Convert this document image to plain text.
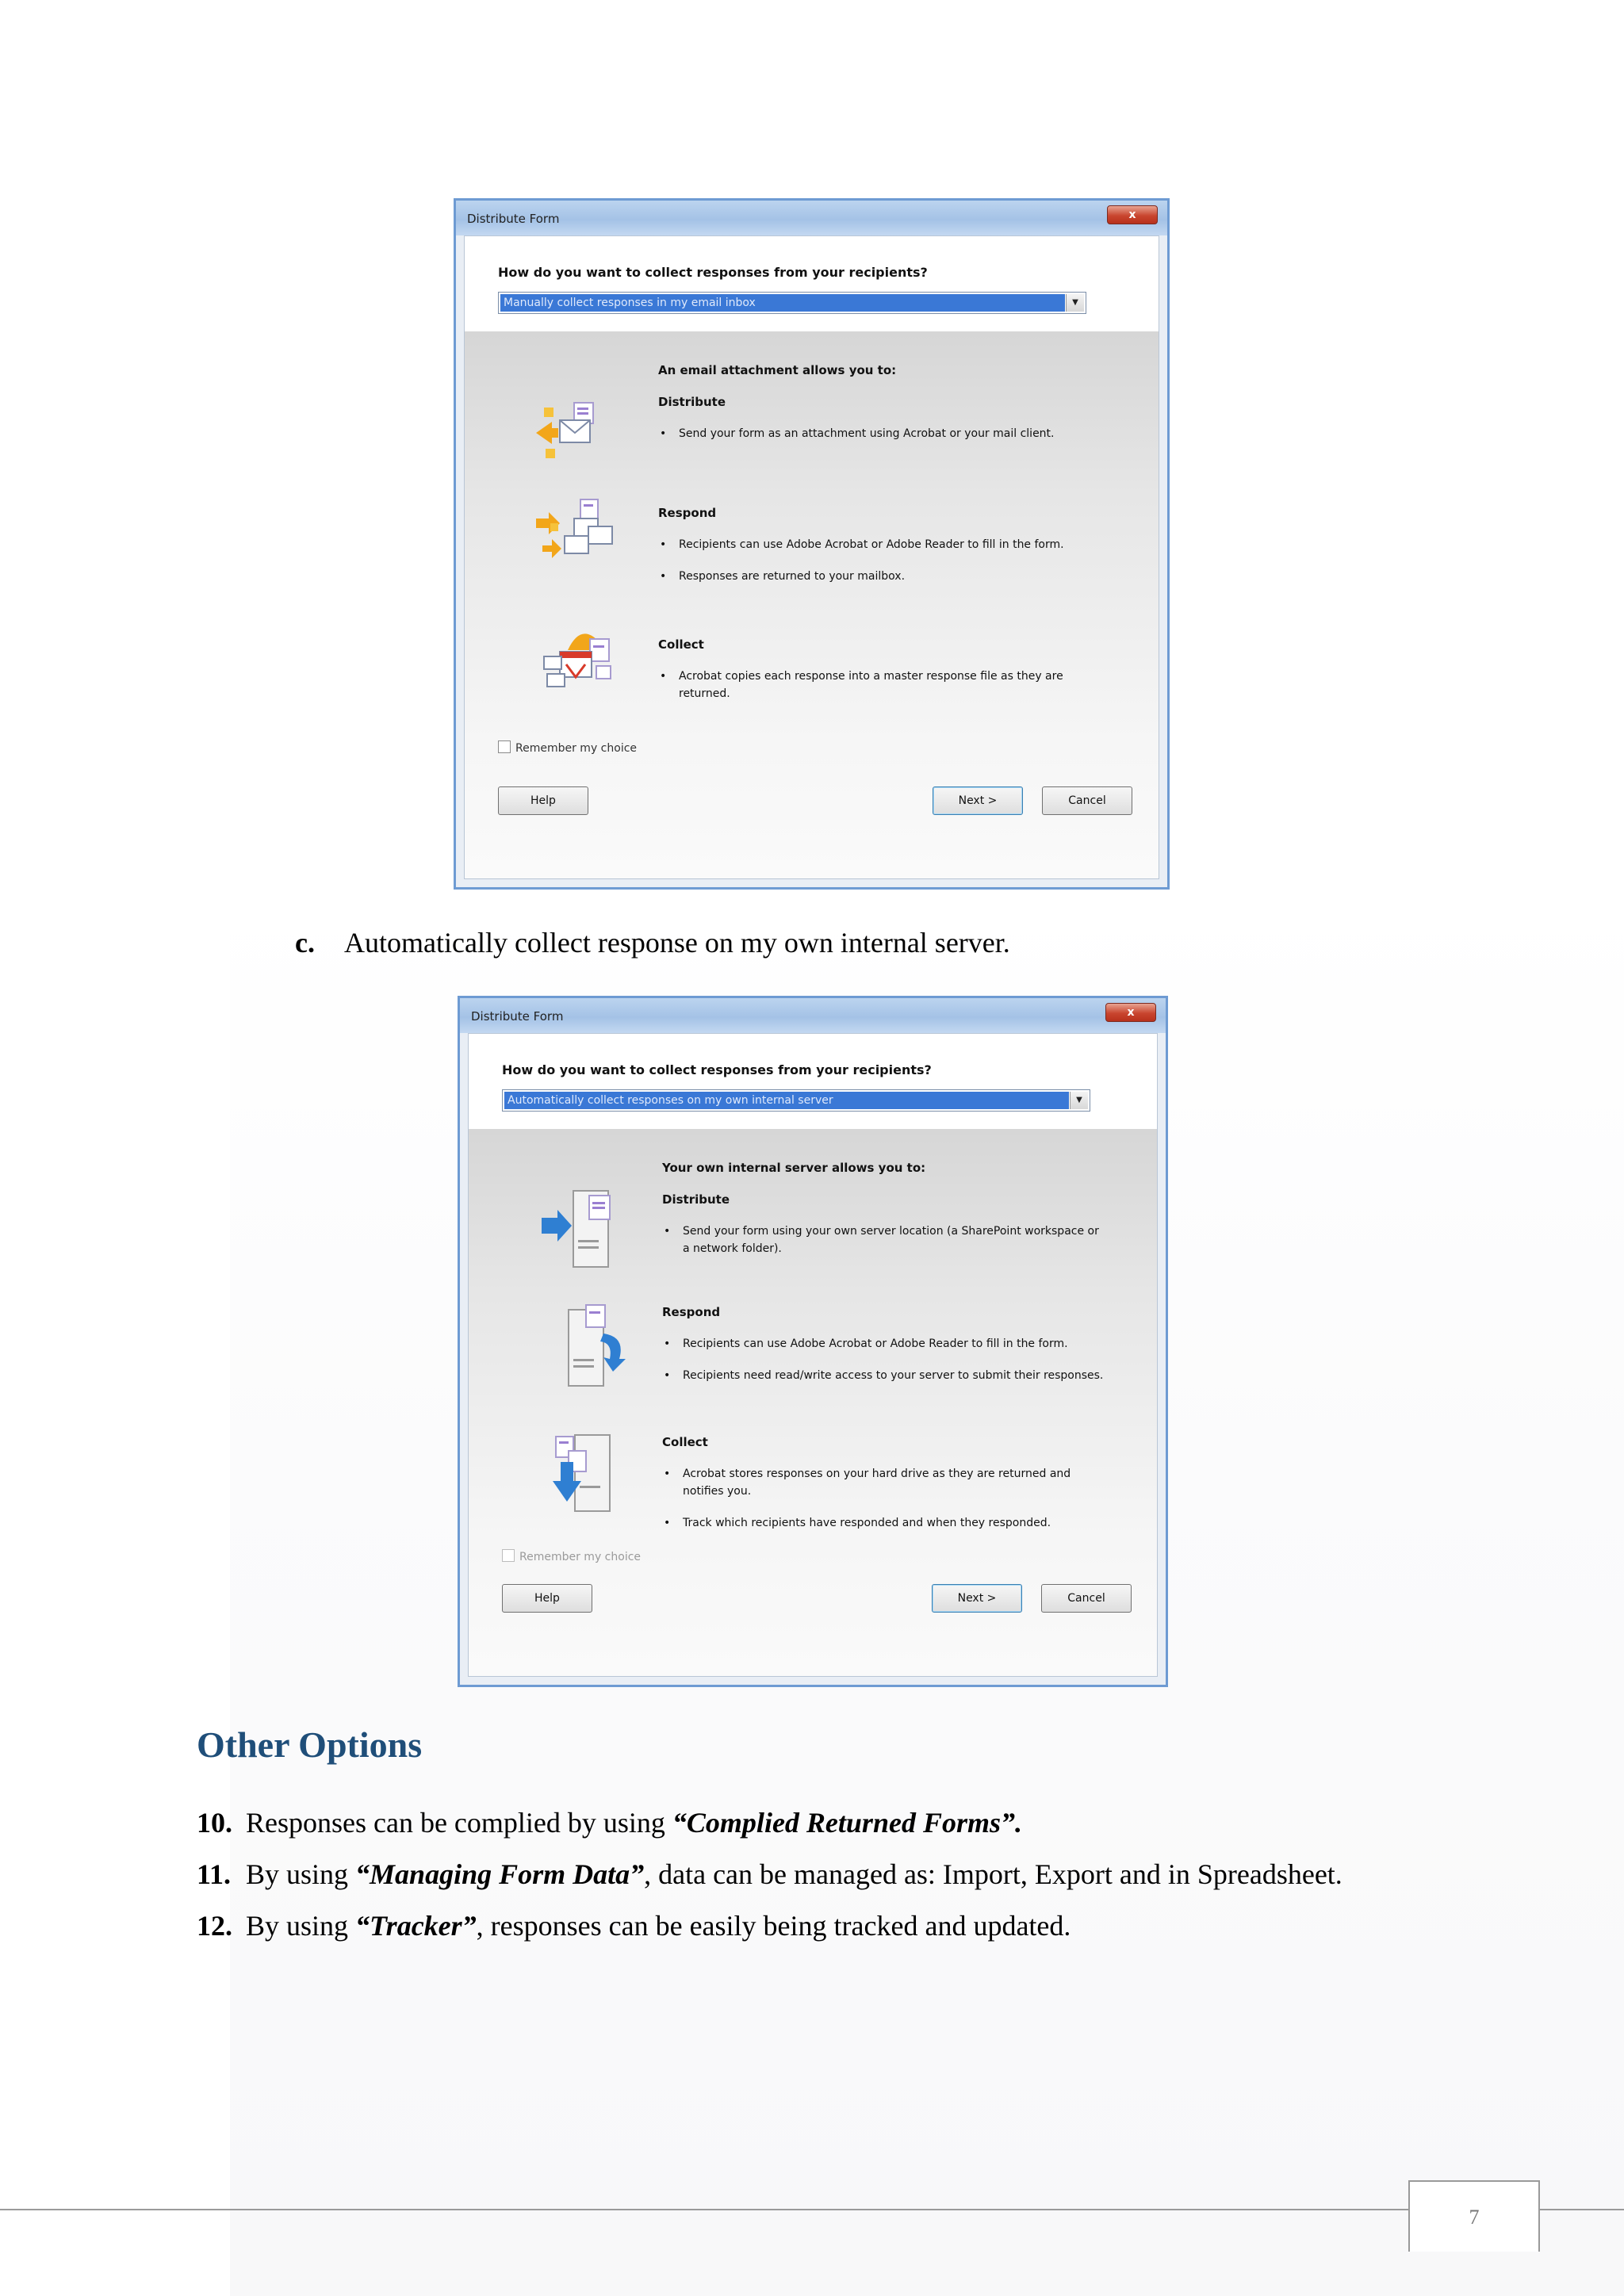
Distribute Form	x
How do you want to collect responses from your recipients?
Manually collect responses in my email inbox	▼
An email attachment allows you to:
Distribute
• Send your form as an attachment using Acrobat or your mail client.
Respond
• Recipients can use Adobe Acrobat or Adobe Reader to fill in the form.
• Responses are returned to your mailbox.
Collect
• Acrobat copies each response into a master response file as they are returned.
Remember my choice
Help	Next >	Cancel
c. Automatically collect response on my own internal server.
Distribute Form	x
How do you want to collect responses from your recipients?
Automatically collect responses on my own internal server	▼
Your own internal server allows you to:
Distribute
• Send your form using your own server location (a SharePoint workspace or a network folder).
Respond
• Recipients can use Adobe Acrobat or Adobe Reader to fill in the form.
• Recipients need read/write access to your server to submit their responses.
Collect
• Acrobat stores responses on your hard drive as they are returned and notifies you.
• Track which recipients have responded and when they responded.
Remember my choice
Help	Next >	Cancel
Other Options
10. Responses can be complied by using “Complied Returned Forms”.
11. By using “Managing Form Data”, data can be managed as: Import, Export and in Spreadsheet.
12. By using “Tracker”, responses can be easily being tracked and updated.
7
